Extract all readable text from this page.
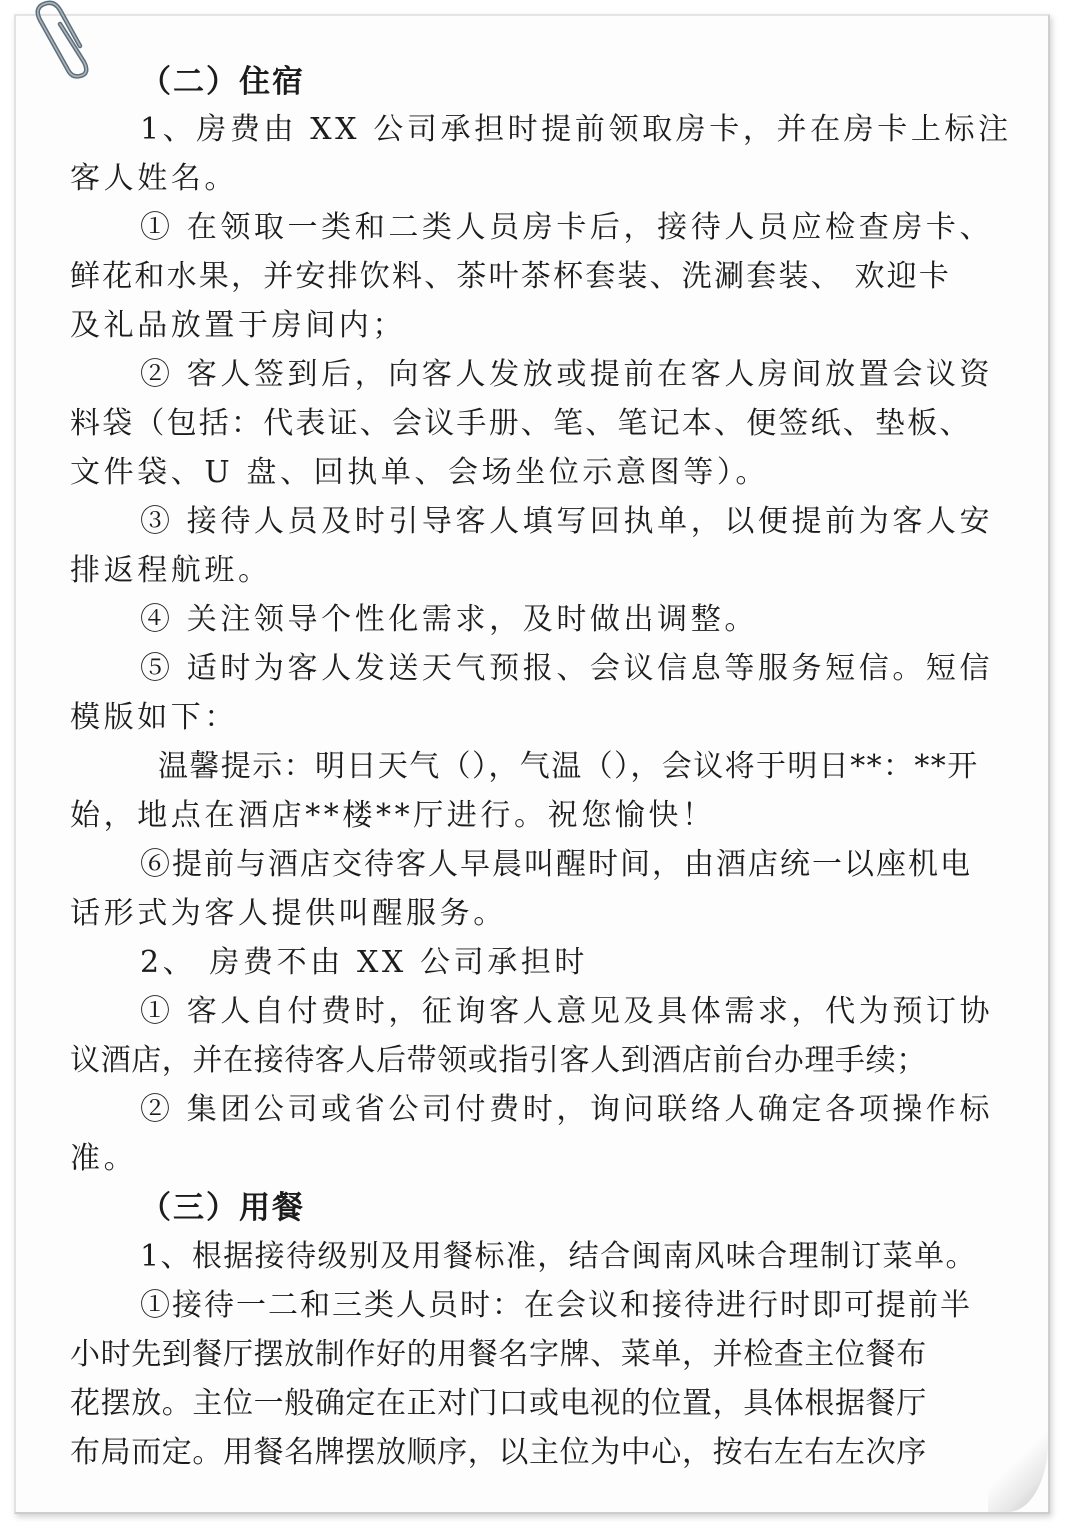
（二）住宿
1、房费由 XX 公司承担时提前领取房卡，并在房卡上标注
客人姓名。
① 在领取一类和二类人员房卡后，接待人员应检查房卡、
鲜花和水果，并安排饮料、茶叶茶杯套装、洗涮套装、 欢迎卡
及礼品放置于房间内；
② 客人签到后，向客人发放或提前在客人房间放置会议资
料袋（包括：代表证、会议手册、笔、笔记本、便签纸、垫板、
文件袋、U 盘、回执单、会场坐位示意图等）。
③ 接待人员及时引导客人填写回执单，以便提前为客人安
排返程航班。
④ 关注领导个性化需求，及时做出调整。
⑤ 适时为客人发送天气预报、会议信息等服务短信。短信
模版如下：
温馨提示：明日天气（），气温（），会议将于明日**：**开
始，地点在酒店**楼**厅进行。祝您愉快！
⑥提前与酒店交待客人早晨叫醒时间，由酒店统一以座机电
话形式为客人提供叫醒服务。
2、 房费不由 XX 公司承担时
① 客人自付费时，征询客人意见及具体需求，代为预订协
议酒店，并在接待客人后带领或指引客人到酒店前台办理手续；
② 集团公司或省公司付费时，询问联络人确定各项操作标
准。
（三）用餐
1、根据接待级别及用餐标准，结合闽南风味合理制订菜单。
①接待一二和三类人员时：在会议和接待进行时即可提前半
小时先到餐厅摆放制作好的用餐名字牌、菜单，并检查主位餐布
花摆放。主位一般确定在正对门口或电视的位置，具体根据餐厅
布局而定。用餐名牌摆放顺序，以主位为中心，按右左右左次序
